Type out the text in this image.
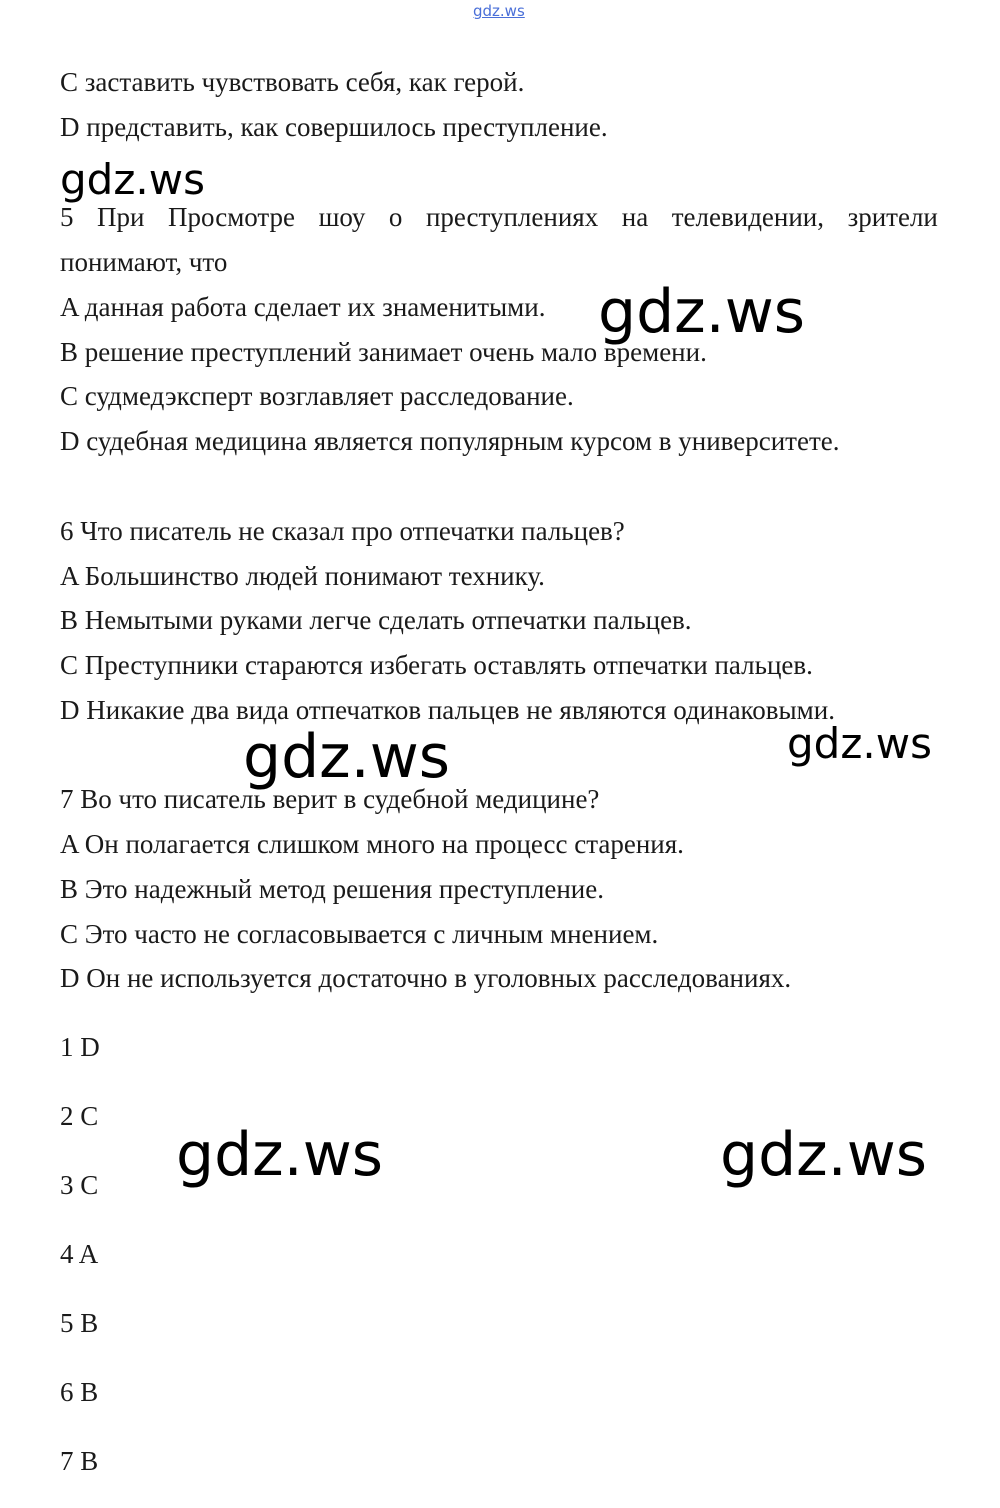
gdz.ws
C заставить чувствовать себя, как герой.
D представить, как совершилось преступление.
gdz.ws
5 При Просмотре шоу о преступлениях на телевидении, зрители
понимают, что
A данная работа сделает их знаменитыми. gdz.ws
B решение преступлений занимает очень мало времени.
C судмедэксперт возглавляет расследование.
D судебная медицина является популярным курсом в университете.
6 Что писатель не сказал про отпечатки пальцев?
A Большинство людей понимают технику.
B Немытыми руками легче сделать отпечатки пальцев.
C Преступники стараются избегать оставлять отпечатки пальцев.
D Никакие два вида отпечатков пальцев не являются одинаковыми.
gdz.ws	gdz.ws
7 Во что писатель верит в судебной медицине?
A Он полагается слишком много на процесс старения.
B Это надежный метод решения преступление.
C Это часто не согласовывается с личным мнением.
D Он не используется достаточно в уголовных расследованиях.
1 D
2 C
3 C
4 A
5 B
6 B
7 B
gdz.ws	gdz.ws
